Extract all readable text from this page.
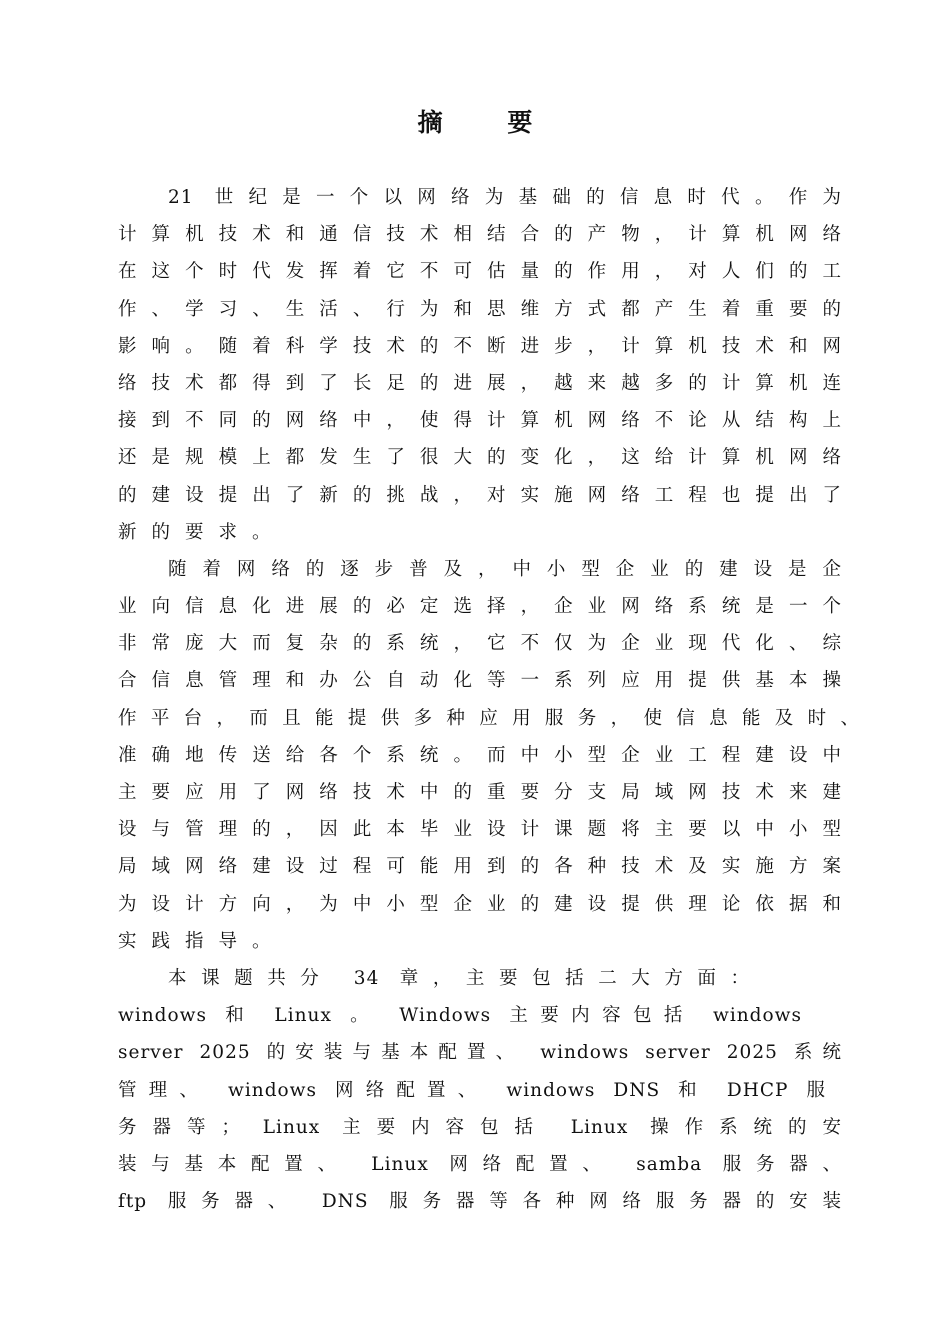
摘 要
21 世纪是一个以网络为基础的信息时代。作为
计算机技术和通信技术相结合的产物，计算机网络
在这个时代发挥着它不可估量的作用，对人们的工
作、学习、生活、行为和思维方式都产生着重要的
影响。随着科学技术的不断进步，计算机技术和网
络技术都得到了长足的进展，越来越多的计算机连
接到不同的网络中，使得计算机网络不论从结构上
还是规模上都发生了很大的变化，这给计算机网络
的建设提出了新的挑战，对实施网络工程也提出了
新的要求。
随着网络的逐步普及，中小型企业的建设是企
业向信息化进展的必定选择，企业网络系统是一个
非常庞大而复杂的系统，它不仅为企业现代化、综
合信息管理和办公自动化等一系列应用提供基本操
作平台，而且能提供多种应用服务，使信息能及时、
准确地传送给各个系统。而中小型企业工程建设中
主要应用了网络技术中的重要分支局域网技术来建
设与管理的，因此本毕业设计课题将主要以中小型
局域网络建设过程可能用到的各种技术及实施方案
为设计方向，为中小型企业的建设提供理论依据和
实践指导。
本课题共分 34 章，主要包括二大方面：
windows 和 Linux 。 Windows 主要内容包括 windows
server 2025 的安装与基本配置、 windows server 2025 系统
管理、 windows 网络配置、 windows DNS 和 DHCP 服
务器等； Linux 主要内容包括 Linux 操作系统的安
装与基本配置、 Linux 网络配置、 samba 服务器、
ftp 服务器、 DNS 服务器等各种网络服务器的安装
